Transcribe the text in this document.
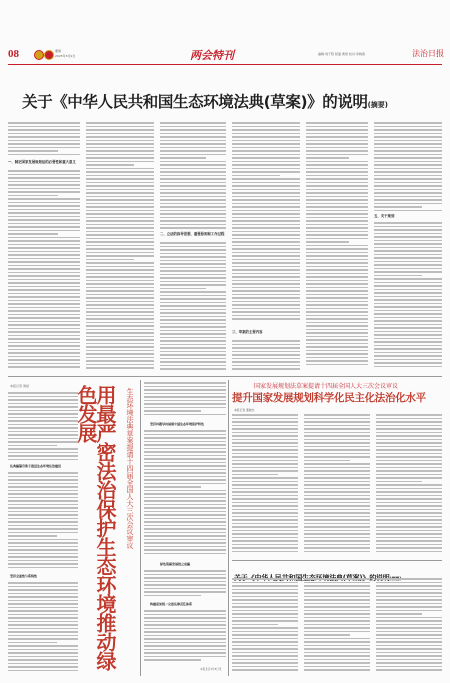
08	要闻
2025年3月9日	两会特刊	编辑:刘子阳 版面:黄煜 校对:李晓春	法治日报
关于《中华人民共和国生态环境法典(草案)》的说明(摘要)
一、制定国家发展规划法的必要性和重大意义
二、立法的指导思想、重要原则和工作过程
三、草案的主要内容
五、关于规划
本报记者 周斌
法典编纂有助于推进生态环境法治建设
坚持全面性与系统性	用最严密法治保护生态环境推动绿色发展	生态环境法典草案提请十四届全国人大三次会议审议	坚持问题导向展现中国生态环境保护特色
绿色低碳发展独立成编
构建更加统一完备法律责任体系
本报北京3月8日讯
国家发展规划法草案提请十四届全国人大三次会议审议
提升国家发展规划科学化民主化法治化水平
本报记者 董晓杰
